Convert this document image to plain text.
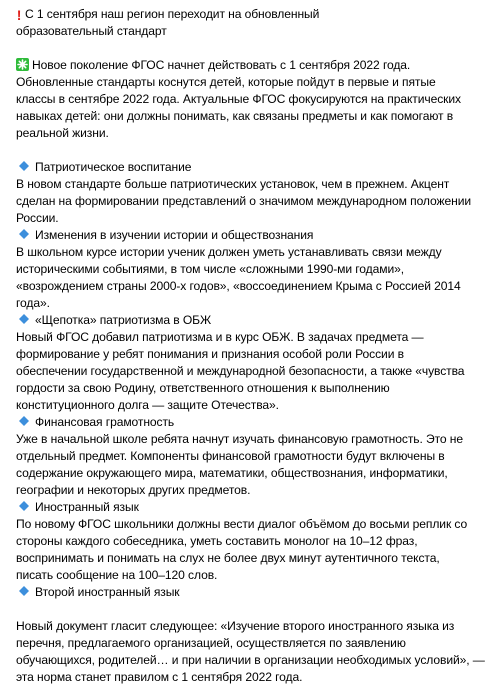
! С 1 сентября наш регион переходит на обновленный образовательный стандарт

Новое поколение ФГОС начнет действовать с 1 сентября 2022 года. Обновленные стандарты коснутся детей, которые пойдут в первые и пятые классы в сентябре 2022 года. Актуальные ФГОС фокусируются на практических навыках детей: они должны понимать, как связаны предметы и как помогают в реальной жизни.

Патриотическое воспитание
В новом стандарте больше патриотических установок, чем в прежнем. Акцент
сделан на формировании представлений о значимом международном положении
России.
Изменения в изучении истории и обществознания
В школьном курсе истории ученик должен уметь устанавливать связи между
историческими событиями, в том числе «сложными 1990-ми годами»,
«возрождением страны 2000-х годов», «воссоединением Крыма с Россией 2014
года».
«Щепотка» патриотизма в ОБЖ
Новый ФГОС добавил патриотизма и в курс ОБЖ. В задачах предмета —
формирование у ребят понимания и признания особой роли России в
обеспечении государственной и международной безопасности, а также «чувства
гордости за свою Родину, ответственного отношения к выполнению
конституционного долга — защите Отечества».
Финансовая грамотность
Уже в начальной школе ребята начнут изучать финансовую грамотность. Это не
отдельный предмет. Компоненты финансовой грамотности будут включены в
содержание окружающего мира, математики, обществознания, информатики,
географии и некоторых других предметов.
Иностранный язык
По новому ФГОС школьники должны вести диалог объёмом до восьми реплик со
стороны каждого собеседника, уметь составить монолог на 10–12 фраз,
воспринимать и понимать на слух не более двух минут аутентичного текста,
писать сообщение на 100–120 слов.
Второй иностранный язык
Новый документ гласит следующее: «Изучение второго иностранного языка из
перечня, предлагаемого организацией, осуществляется по заявлению
обучающихся, родителей… и при наличии в организации необходимых условий», —
эта норма станет правилом с 1 сентября 2022 года.
